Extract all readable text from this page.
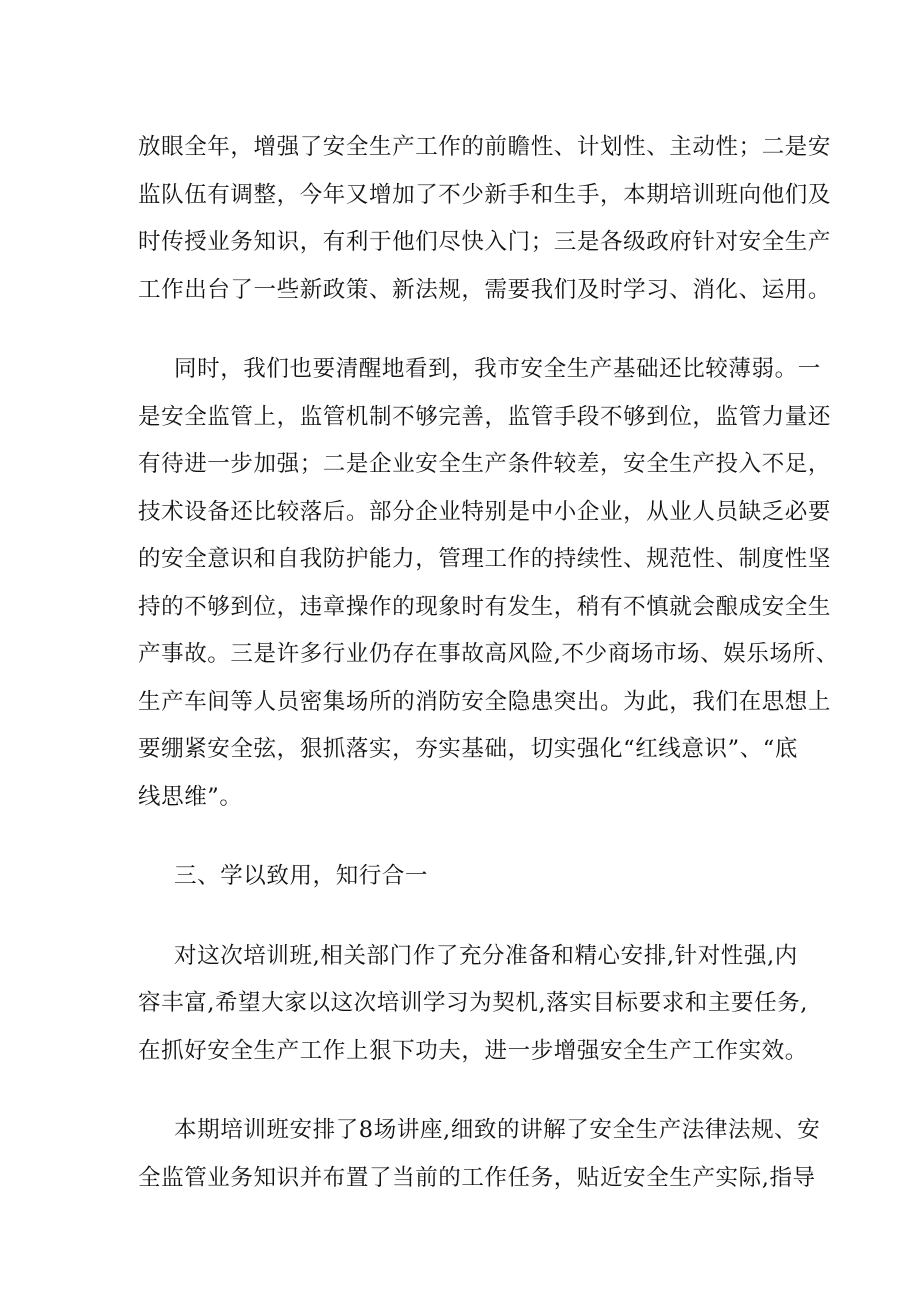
放眼全年，增强了安全生产工作的前瞻性、计划性、主动性；二是安
监队伍有调整，今年又增加了不少新手和生手，本期培训班向他们及
时传授业务知识，有利于他们尽快入门；三是各级政府针对安全生产
工作出台了一些新政策、新法规，需要我们及时学习、消化、运用。

同时，我们也要清醒地看到，我市安全生产基础还比较薄弱。一
是安全监管上，监管机制不够完善，监管手段不够到位，监管力量还
有待进一步加强；二是企业安全生产条件较差，安全生产投入不足，
技术设备还比较落后。部分企业特别是中小企业，从业人员缺乏必要
的安全意识和自我防护能力，管理工作的持续性、规范性、制度性坚
持的不够到位，违章操作的现象时有发生，稍有不慎就会酿成安全生
产事故。三是许多行业仍存在事故高风险,不少商场市场、娱乐场所、
生产车间等人员密集场所的消防安全隐患突出。为此，我们在思想上
要绷紧安全弦，狠抓落实，夯实基础，切实强化“红线意识”、“底
线思维”。

三、学以致用，知行合一

对这次培训班,相关部门作了充分准备和精心安排,针对性强,内
容丰富,希望大家以这次培训学习为契机,落实目标要求和主要任务,
在抓好安全生产工作上狠下功夫，进一步增强安全生产工作实效。

本期培训班安排了8场讲座,细致的讲解了安全生产法律法规、安
全监管业务知识并布置了当前的工作任务，贴近安全生产实际,指导
